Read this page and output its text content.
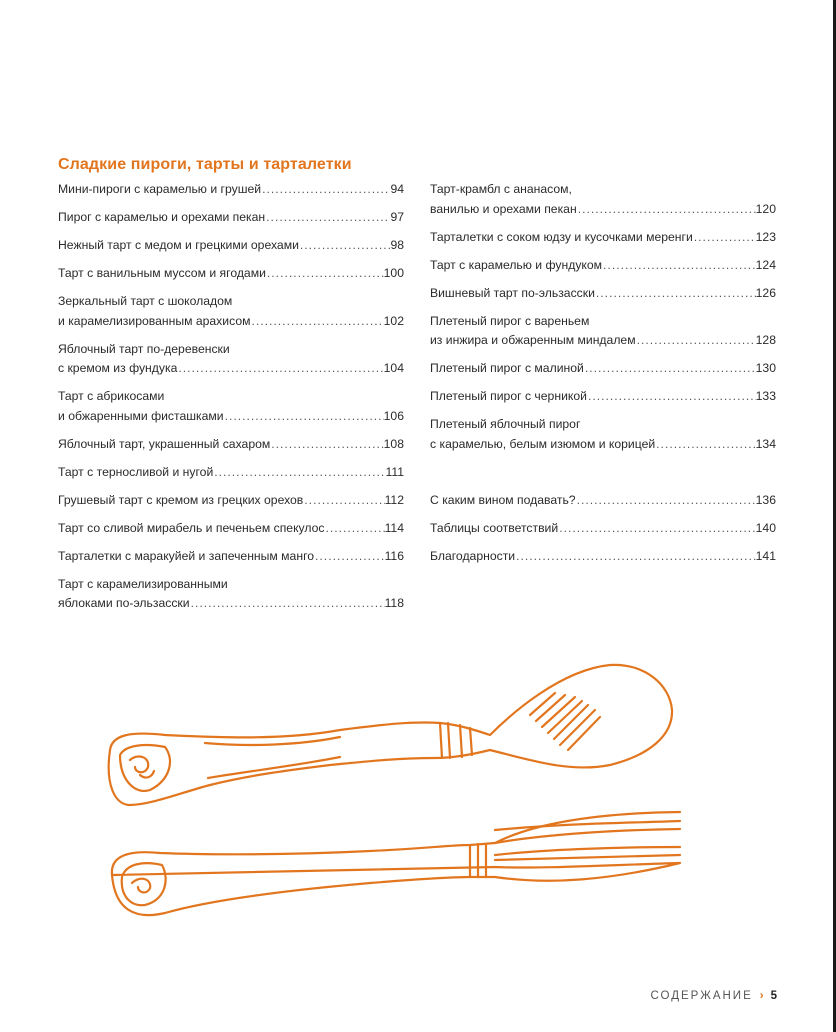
Сладкие пироги, тарты и тарталетки
Мини-пироги с карамелью и грушей .....	94
Пирог с карамелью и орехами пекан .....	97
Нежный тарт с медом и грецкими орехами .....	98
Тарт с ванильным муссом и ягодами .....	100
Зеркальный тарт с шоколадом
и карамелизированным арахисом .....	102
Яблочный тарт по-деревенски
с кремом из фундука .....	104
Тарт с абрикосами
и обжаренными фисташками .....	106
Яблочный тарт, украшенный сахаром .....	108
Тарт с терносливой и нугой .....	111
Грушевый тарт с кремом из грецких орехов .....	112
Тарт со сливой мирабель и печеньем спекулос .....	114
Тарталетки с маракуйей и запеченным манго .....	116
Тарт с карамелизированными
яблоками по-эльзасски .....	118
Тарт-крамбл с ананасом,
ванилью и орехами пекан .....	120
Тарталетки с соком юдзу и кусочками меренги .....	123
Тарт с карамелью и фундуком .....	124
Вишневый тарт по-эльзасски .....	126
Плетеный пирог с вареньем
из инжира и обжаренным миндалем .....	128
Плетеный пирог с малиной .....	130
Плетеный пирог с черникой .....	133
Плетеный яблочный пирог
с карамелью, белым изюмом и корицей .....	134
С каким вином подавать? .....	136
Таблицы соответствий .....	140
Благодарности .....	141
СОДЕРЖАНИЕ › 5
